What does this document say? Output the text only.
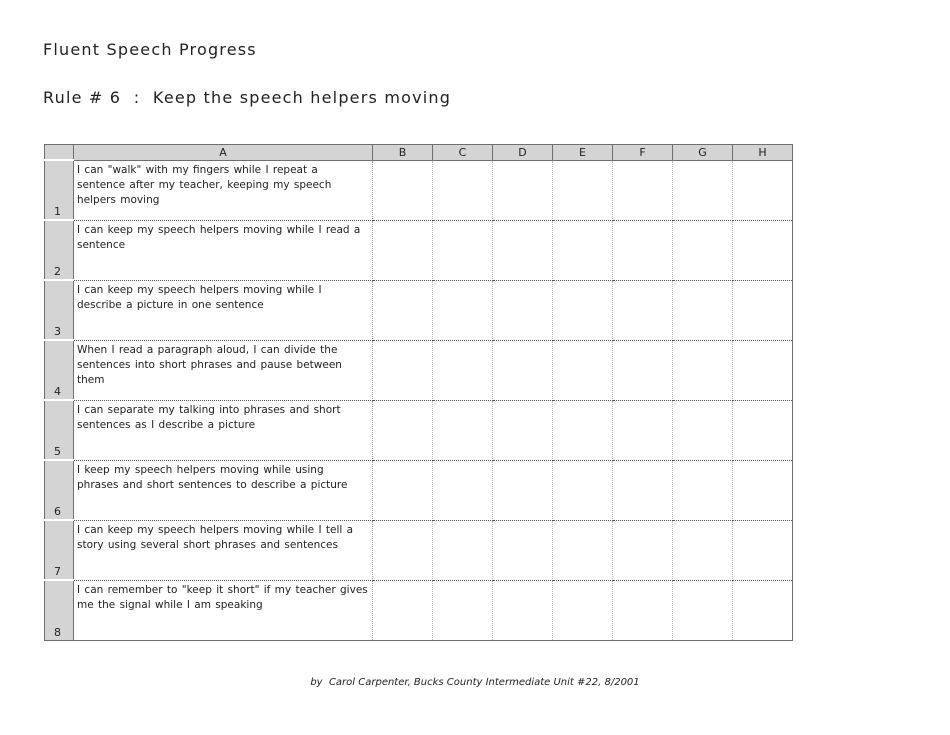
Fluent Speech Progress
Rule # 6  :  Keep the speech helpers moving
	A	B	C	D	E	F	G	H
1	I can "walk" with my fingers while I repeat a sentence after my teacher, keeping my speech helpers moving							
2	I can keep my speech helpers moving while I read a sentence							
3	I can keep my speech helpers moving while I describe a picture in one sentence							
4	When I read a paragraph aloud, I can divide the sentences into short phrases and pause between them							
5	I can separate my talking into phrases and short sentences as I describe a picture							
6	I keep my speech helpers moving while using phrases and short sentences to describe a picture							
7	I can keep my speech helpers moving while I tell a story using several short phrases and sentences							
8	I can remember to "keep it short" if my teacher gives me the signal while I am speaking							
by  Carol Carpenter, Bucks County Intermediate Unit #22, 8/2001
